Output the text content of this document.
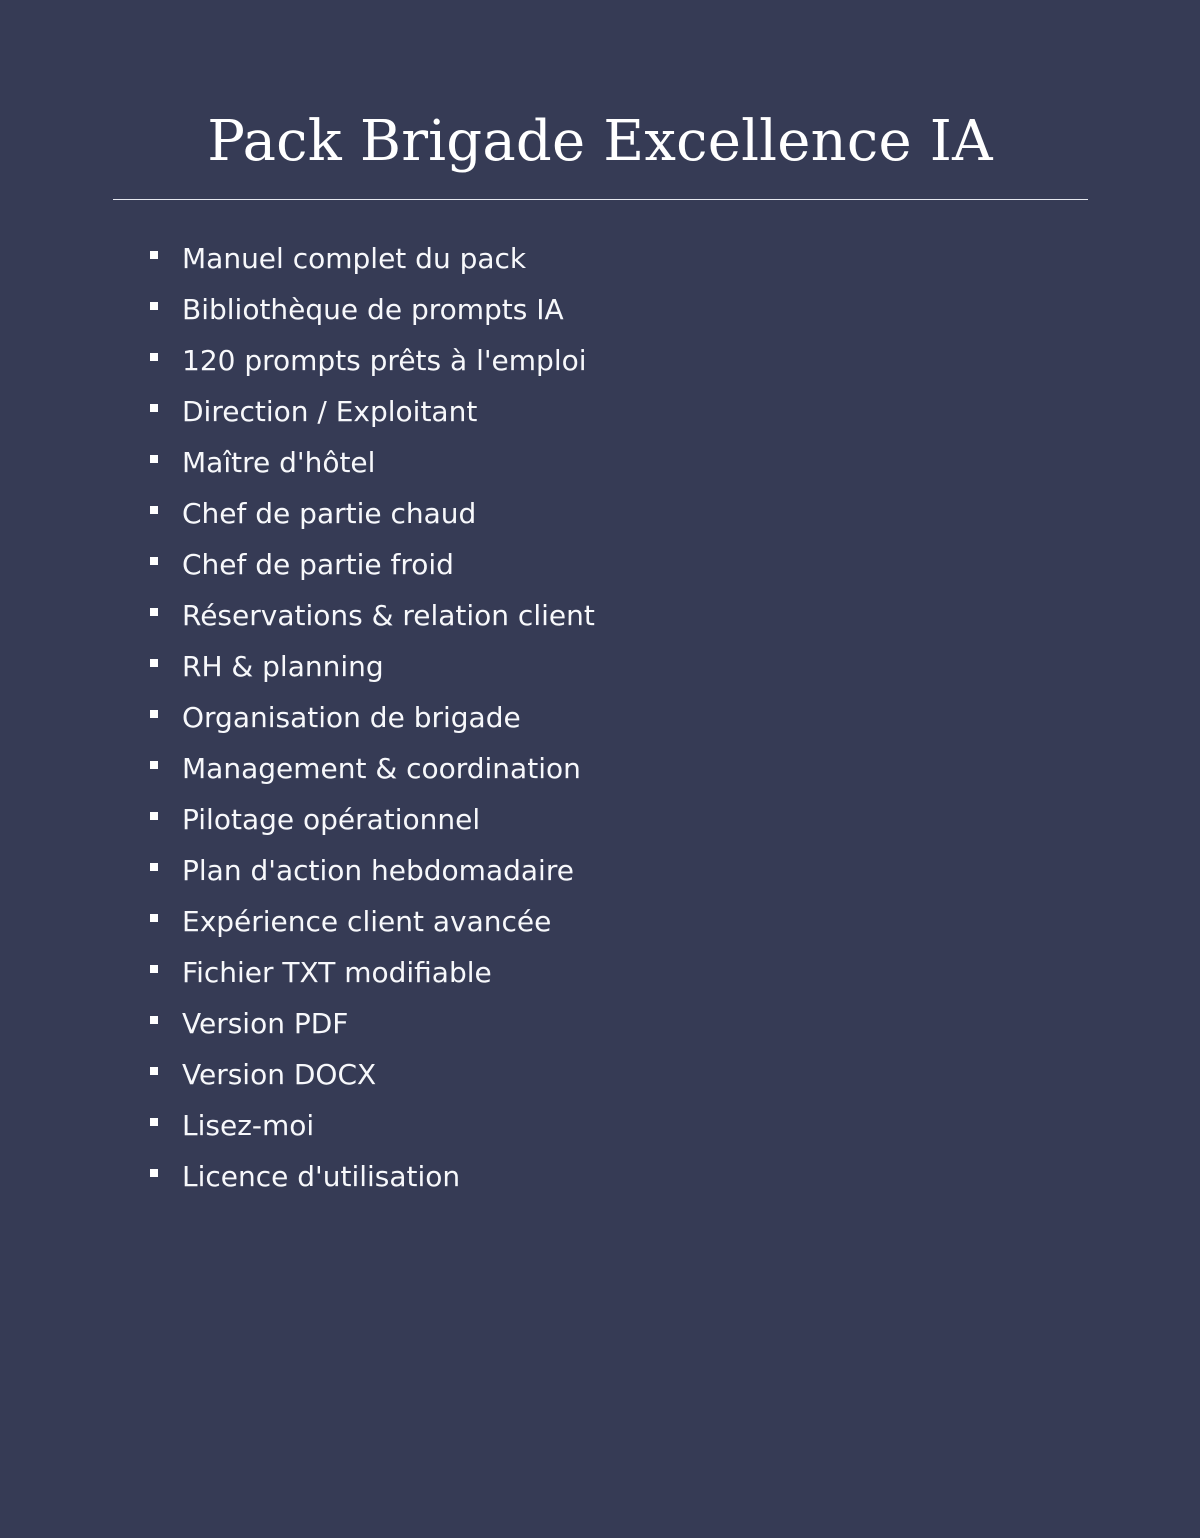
Pack Brigade Excellence IA
Manuel complet du pack
Bibliothèque de prompts IA
120 prompts prêts à l'emploi
Direction / Exploitant
Maître d'hôtel
Chef de partie chaud
Chef de partie froid
Réservations & relation client
RH & planning
Organisation de brigade
Management & coordination
Pilotage opérationnel
Plan d'action hebdomadaire
Expérience client avancée
Fichier TXT modifiable
Version PDF
Version DOCX
Lisez-moi
Licence d'utilisation
